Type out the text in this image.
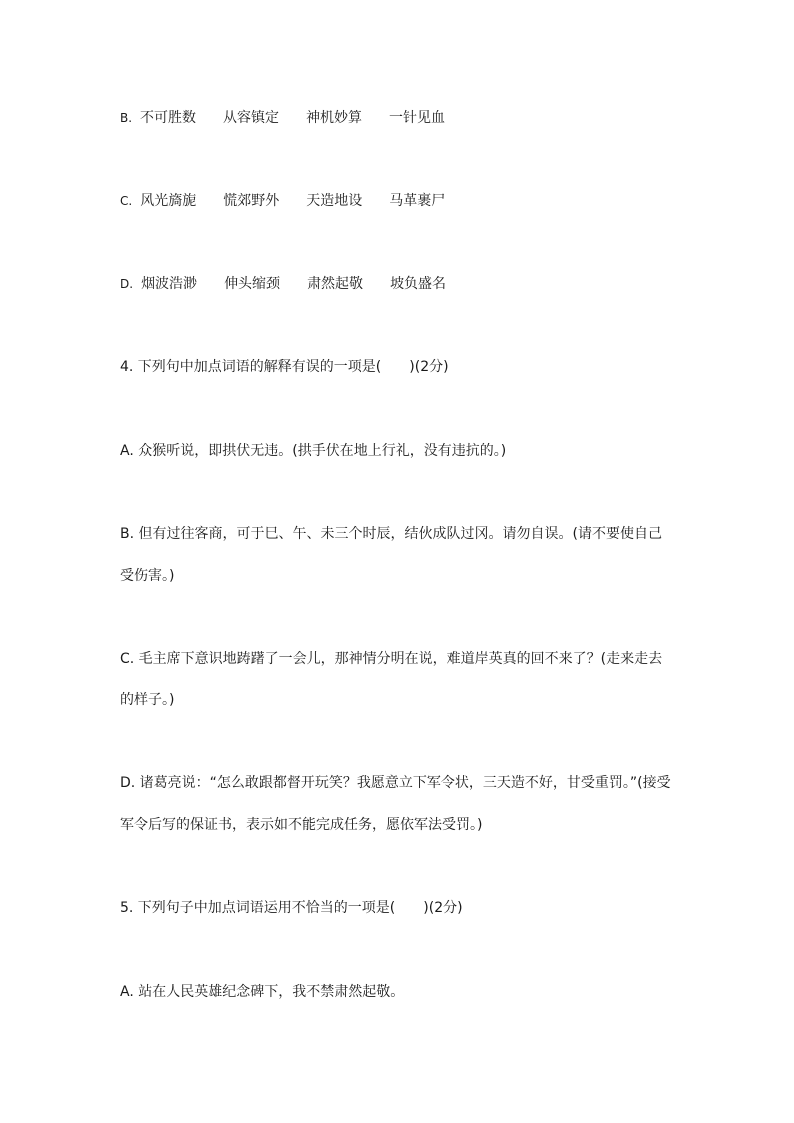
B. 不可胜数 从容镇定 神机妙算 一针见血
C. 风光旖旎 慌郊野外 天造地设 马革裹尸
D. 烟波浩渺 伸头缩颈 肃然起敬 坡负盛名
4. 下列句中加点词语的解释有误的一项是(　　)(2分)
A. 众猴听说，即拱伏无违。(拱手伏在地上行礼，没有违抗的。)
B. 但有过往客商，可于巳、午、未三个时辰，结伙成队过冈。请勿自误。(请不要使自己
受伤害。)
C. 毛主席下意识地踌躇了一会儿，那神情分明在说，难道岸英真的回不来了？(走来走去
的样子。)
D. 诸葛亮说：“怎么敢跟都督开玩笑？我愿意立下军令状，三天造不好，甘受重罚。”(接受
军令后写的保证书，表示如不能完成任务，愿依军法受罚。)
5. 下列句子中加点词语运用不恰当的一项是(　　)(2分)
A. 站在人民英雄纪念碑下，我不禁肃然起敬。
